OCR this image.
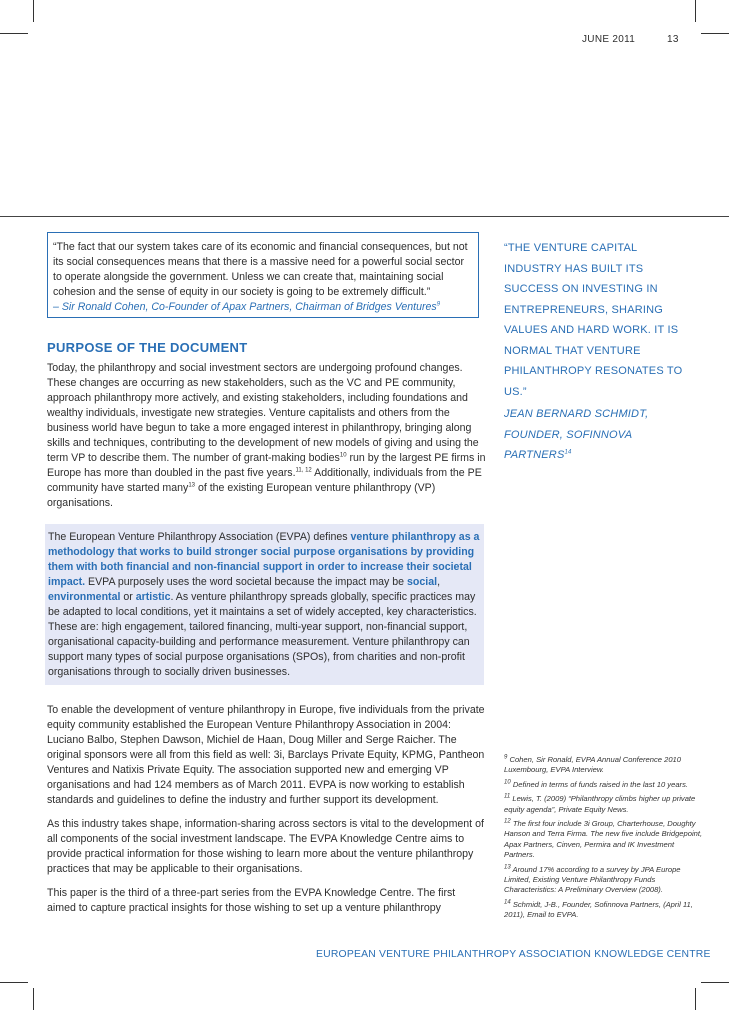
JUNE 2011	13
“The fact that our system takes care of its economic and financial consequences, but not its social consequences means that there is a massive need for a powerful social sector to operate alongside the government. Unless we can create that, maintaining social cohesion and the sense of equity in our society is going to be extremely difficult.”
– Sir Ronald Cohen, Co-Founder of Apax Partners, Chairman of Bridges Ventures$^9$
PURPOSE OF THE DOCUMENT
Today, the philanthropy and social investment sectors are undergoing profound changes. These changes are occurring as new stakeholders, such as the VC and PE community, approach philanthropy more actively, and existing stakeholders, including foundations and wealthy individuals, investigate new strategies. Venture capitalists and others from the business world have begun to take a more engaged interest in philanthropy, bringing along skills and techniques, contributing to the development of new models of giving and using the term VP to describe them. The number of grant-making bodies$^{10}$ run by the largest PE firms in Europe has more than doubled in the past five years.$^{11, 12}$ Additionally, individuals from the PE community have started many$^{13}$ of the existing European venture philanthropy (VP) organisations.
The European Venture Philanthropy Association (EVPA) defines venture philanthropy as a methodology that works to build stronger social purpose organisations by providing them with both financial and non-financial support in order to increase their societal impact. EVPA purposely uses the word societal because the impact may be social, environmental or artistic. As venture philanthropy spreads globally, specific practices may be adapted to local conditions, yet it maintains a set of widely accepted, key characteristics. These are: high engagement, tailored financing, multi-year support, non-financial support, organisational capacity-building and performance measurement. Venture philanthropy can support many types of social purpose organisations (SPOs), from charities and non-profit organisations through to socially driven businesses.

To enable the development of venture philanthropy in Europe, five individuals from the private equity community established the European Venture Philanthropy Association in 2004: Luciano Balbo, Stephen Dawson, Michiel de Haan, Doug Miller and Serge Raicher. The original sponsors were all from this field as well: 3i, Barclays Private Equity, KPMG, Pantheon Ventures and Natixis Private Equity. The association supported new and emerging VP organisations and had 124 members as of March 2011. EVPA is now working to establish standards and guidelines to define the industry and further support its development.

As this industry takes shape, information-sharing across sectors is vital to the development of all components of the social investment landscape. The EVPA Knowledge Centre aims to provide practical information for those wishing to learn more about the venture philanthropy practices that may be applicable to their organisations.

This paper is the third of a three-part series from the EVPA Knowledge Centre. The first aimed to capture practical insights for those wishing to set up a venture philanthropy

“THE VENTURE CAPITAL INDUSTRY HAS BUILT ITS SUCCESS ON INVESTING IN ENTREPRENEURS, SHARING VALUES AND HARD WORK. IT IS NORMAL THAT VENTURE PHILANTHROPY RESONATES TO US.”
JEAN BERNARD SCHMIDT, FOUNDER, SOFINNOVA PARTNERS$^{14}$
$^9$ Cohen, Sir Ronald, EVPA Annual Conference 2010 Luxembourg, EVPA Interview.
$^{10}$ Defined in terms of funds raised in the last 10 years.
$^{11}$ Lewis, T. (2009) “Philanthropy climbs higher up private equity agenda”, Private Equity News.
$^{12}$ The first four include 3i Group, Charterhouse, Doughty Hanson and Terra Firma. The new five include Bridgepoint, Apax Partners, Cinven, Permira and IK Investment Partners.
$^{13}$ Around 17% according to a survey by JPA Europe Limited, Existing Venture Philanthropy Funds Characteristics: A Preliminary Overview (2008).
$^{14}$ Schmidt, J-B., Founder, Sofinnova Partners, (April 11, 2011), Email to EVPA.
EUROPEAN VENTURE PHILANTHROPY ASSOCIATION KNOWLEDGE CENTRE
